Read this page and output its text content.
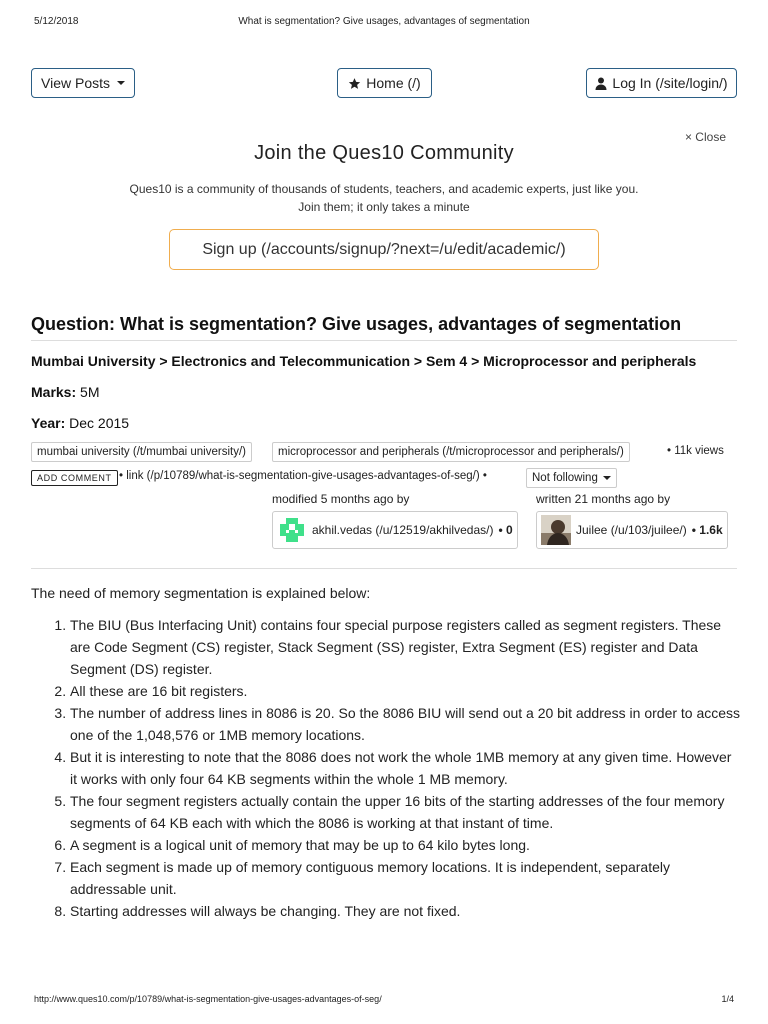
5/12/2018	What is segmentation? Give usages, advantages of segmentation
View Posts	Home (/)	Log In (/site/login/)
× Close
Join the Ques10 Community
Ques10 is a community of thousands of students, teachers, and academic experts, just like you.
Join them; it only takes a minute
Sign up (/accounts/signup/?next=/u/edit/academic/)
Question: What is segmentation? Give usages, advantages of segmentation
Mumbai University > Electronics and Telecommunication > Sem 4 > Microprocessor and peripherals
Marks: 5M
Year: Dec 2015
mumbai university (/t/mumbai university/)	microprocessor and peripherals (/t/microprocessor and peripherals/)	• 11k views
ADD COMMENT • link (/p/10789/what-is-segmentation-give-usages-advantages-of-seg/) •	Not following
modified 5 months ago by	written 21 months ago by
akhil.vedas (/u/12519/akhilvedas/) • 0	Juilee (/u/103/juilee/) • 1.6k

The need of memory segmentation is explained below:

1. The BIU (Bus Interfacing Unit) contains four special purpose registers called as segment registers. These are Code Segment (CS) register, Stack Segment (SS) register, Extra Segment (ES) register and Data Segment (DS) register.
2. All these are 16 bit registers.
3. The number of address lines in 8086 is 20. So the 8086 BIU will send out a 20 bit address in order to access one of the 1,048,576 or 1MB memory locations.
4. But it is interesting to note that the 8086 does not work the whole 1MB memory at any given time. However it works with only four 64 KB segments within the whole 1 MB memory.
5. The four segment registers actually contain the upper 16 bits of the starting addresses of the four memory segments of 64 KB each with which the 8086 is working at that instant of time.
6. A segment is a logical unit of memory that may be up to 64 kilo bytes long.
7. Each segment is made up of memory contiguous memory locations. It is independent, separately addressable unit.
8. Starting addresses will always be changing. They are not fixed.
http://www.ques10.com/p/10789/what-is-segmentation-give-usages-advantages-of-seg/	1/4
